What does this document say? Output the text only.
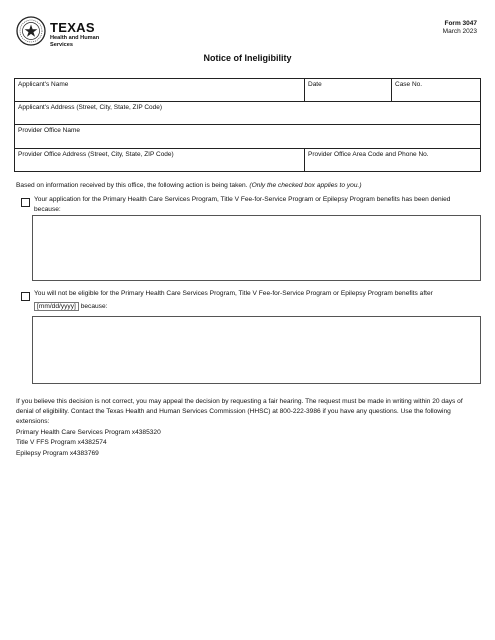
TEXAS
Health and Human
Services
Form 3047
March 2023
Notice of Ineligibility
Applicant's Name	Date	Case No.
Applicant's Address (Street, City, State, ZIP Code)		
Provider Office Name		
Provider Office Address (Street, City, State, ZIP Code)	Provider Office Area Code and Phone No.	
Based on information received by this office, the following action is being taken. (Only the checked box applies to you.)
Your application for the Primary Health Care Services Program, Title V Fee-for-Service Program or Epilepsy Program benefits has been denied because:
You will not be eligible for the Primary Health Care Services Program, Title V Fee-for-Service Program or Epilepsy Program benefits after
[mm/dd/yyyy] because:
If you believe this decision is not correct, you may appeal the decision by requesting a fair hearing. The request must be made in writing within 20 days of denial of eligibility. Contact the Texas Health and Human Services Commission (HHSC) at 800-222-3986 if you have any questions. Use the following extensions:
Primary Health Care Services Program x4385320
Title V FFS Program x4382574
Epilepsy Program x4383769
